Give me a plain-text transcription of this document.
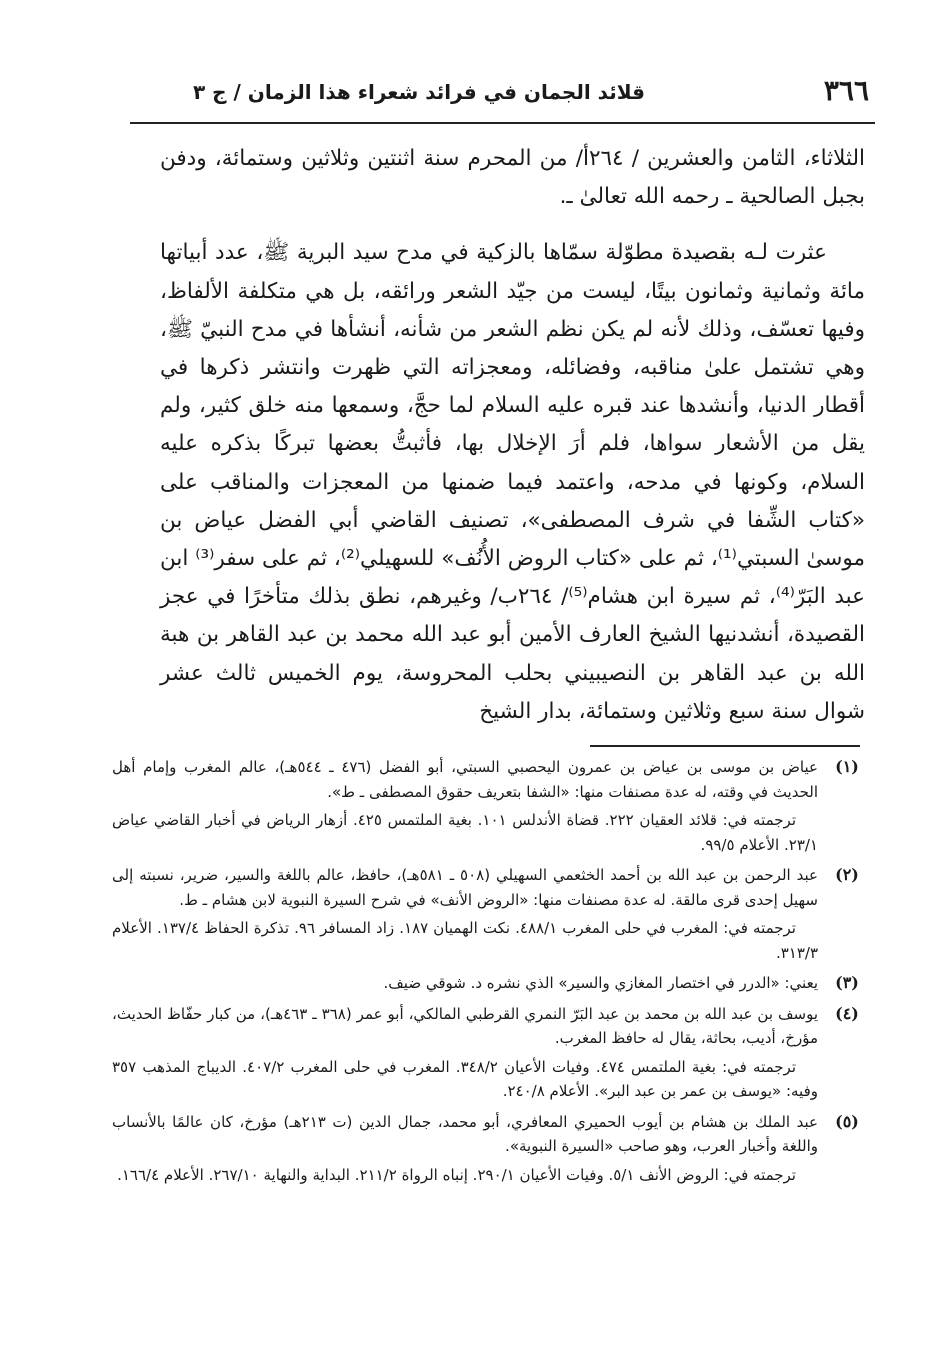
٣٦٦
قلائد الجمان في فرائد شعراء هذا الزمان / ج ٣

الثلاثاء، الثامن والعشرين / ٢٦٤أ/ من المحرم سنة اثنتين وثلاثين وستمائة، ودفن بجبل الصالحية ـ رحمه الله تعالىٰ ـ.

عثرت لـه بقصيدة مطوّلة سمّاها بالزكية في مدح سيد البرية ﷺ، عدد أبياتها مائة وثمانية وثمانون بيتًا، ليست من جيّد الشعر ورائقه، بل هي متكلفة الألفاظ، وفيها تعسّف، وذلك لأنه لم يكن نظم الشعر من شأنه، أنشأها في مدح النبيّ ﷺ، وهي تشتمل علىٰ مناقبه، وفضائله، ومعجزاته التي ظهرت وانتشر ذكرها في أقطار الدنيا، وأنشدها عند قبره عليه السلام لما حجَّ، وسمعها منه خلق كثير، ولم يقل من الأشعار سواها، فلم أرَ الإخلال بها، فأثبتُّ بعضها تبركًا بذكره عليه السلام، وكونها في مدحه، واعتمد فيما ضمنها من المعجزات والمناقب على «كتاب الشِّفا في شرف المصطفى»، تصنيف القاضي أبي الفضل عياض بن موسىٰ السبتي⁽¹⁾، ثم على «كتاب الروض الأُنُف» للسهيلي⁽²⁾، ثم على سفر⁽³⁾ ابن عبد البَرّ⁽⁴⁾، ثم سيرة ابن هشام⁽⁵⁾/ ٢٦٤ب/ وغيرهم، نطق بذلك متأخرًا في عجز القصيدة، أنشدنيها الشيخ العارف الأمين أبو عبد الله محمد بن عبد القاهر بن هبة الله بن عبد القاهر بن النصيبيني بحلب المحروسة، يوم الخميس ثالث عشر شوال سنة سبع وثلاثين وستمائة، بدار الشيخ

(١)

عياض بن موسى بن عياض بن عمرون اليحصبي السبتي، أبو الفضل (٤٧٦ ـ ٥٤٤هـ)، عالم المغرب وإمام أهل الحديث في وقته، له عدة مصنفات منها: «الشفا بتعريف حقوق المصطفى ـ ط».

ترجمته في: قلائد العقيان ٢٢٢. قضاة الأندلس ١٠١. بغية الملتمس ٤٢٥. أزهار الرياض في أخبار القاضي عياض ٢٣/١. الأعلام ٩٩/٥.

(٢)

عبد الرحمن بن عبد الله بن أحمد الخثعمي السهيلي (٥٠٨ ـ ٥٨١هـ)، حافظ، عالم باللغة والسير، ضرير، نسبته إلى سهيل إحدى قرى مالقة. له عدة مصنفات منها: «الروض الأنف» في شرح السيرة النبوية لابن هشام ـ ط.

ترجمته في: المغرب في حلى المغرب ٤٨٨/١. نكت الهميان ١٨٧. زاد المسافر ٩٦. تذكرة الحفاظ ١٣٧/٤. الأعلام ٣١٣/٣.

(٣)

يعني: «الدرر في اختصار المغازي والسير» الذي نشره د. شوقي ضيف.

(٤)

يوسف بن عبد الله بن محمد بن عبد البَرّ النمري القرطبي المالكي، أبو عمر (٣٦٨ ـ ٤٦٣هـ)، من كبار حفّاظ الحديث، مؤرخ، أديب، بحاثة، يقال له حافظ المغرب.

ترجمته في: بغية الملتمس ٤٧٤. وفيات الأعيان ٣٤٨/٢. المغرب في حلى المغرب ٤٠٧/٢. الديباج المذهب ٣٥٧ وفيه: «يوسف بن عمر بن عبد البر». الأعلام ٢٤٠/٨.

(٥)

عبد الملك بن هشام بن أيوب الحميري المعافري، أبو محمد، جمال الدين (ت ٢١٣هـ) مؤرخ، كان عالمًا بالأنساب واللغة وأخبار العرب، وهو صاحب «السيرة النبوية».

ترجمته في: الروض الأنف ٥/١. وفيات الأعيان ٢٩٠/١. إنباه الرواة ٢١١/٢. البداية والنهاية ٢٦٧/١٠. الأعلام ١٦٦/٤.
